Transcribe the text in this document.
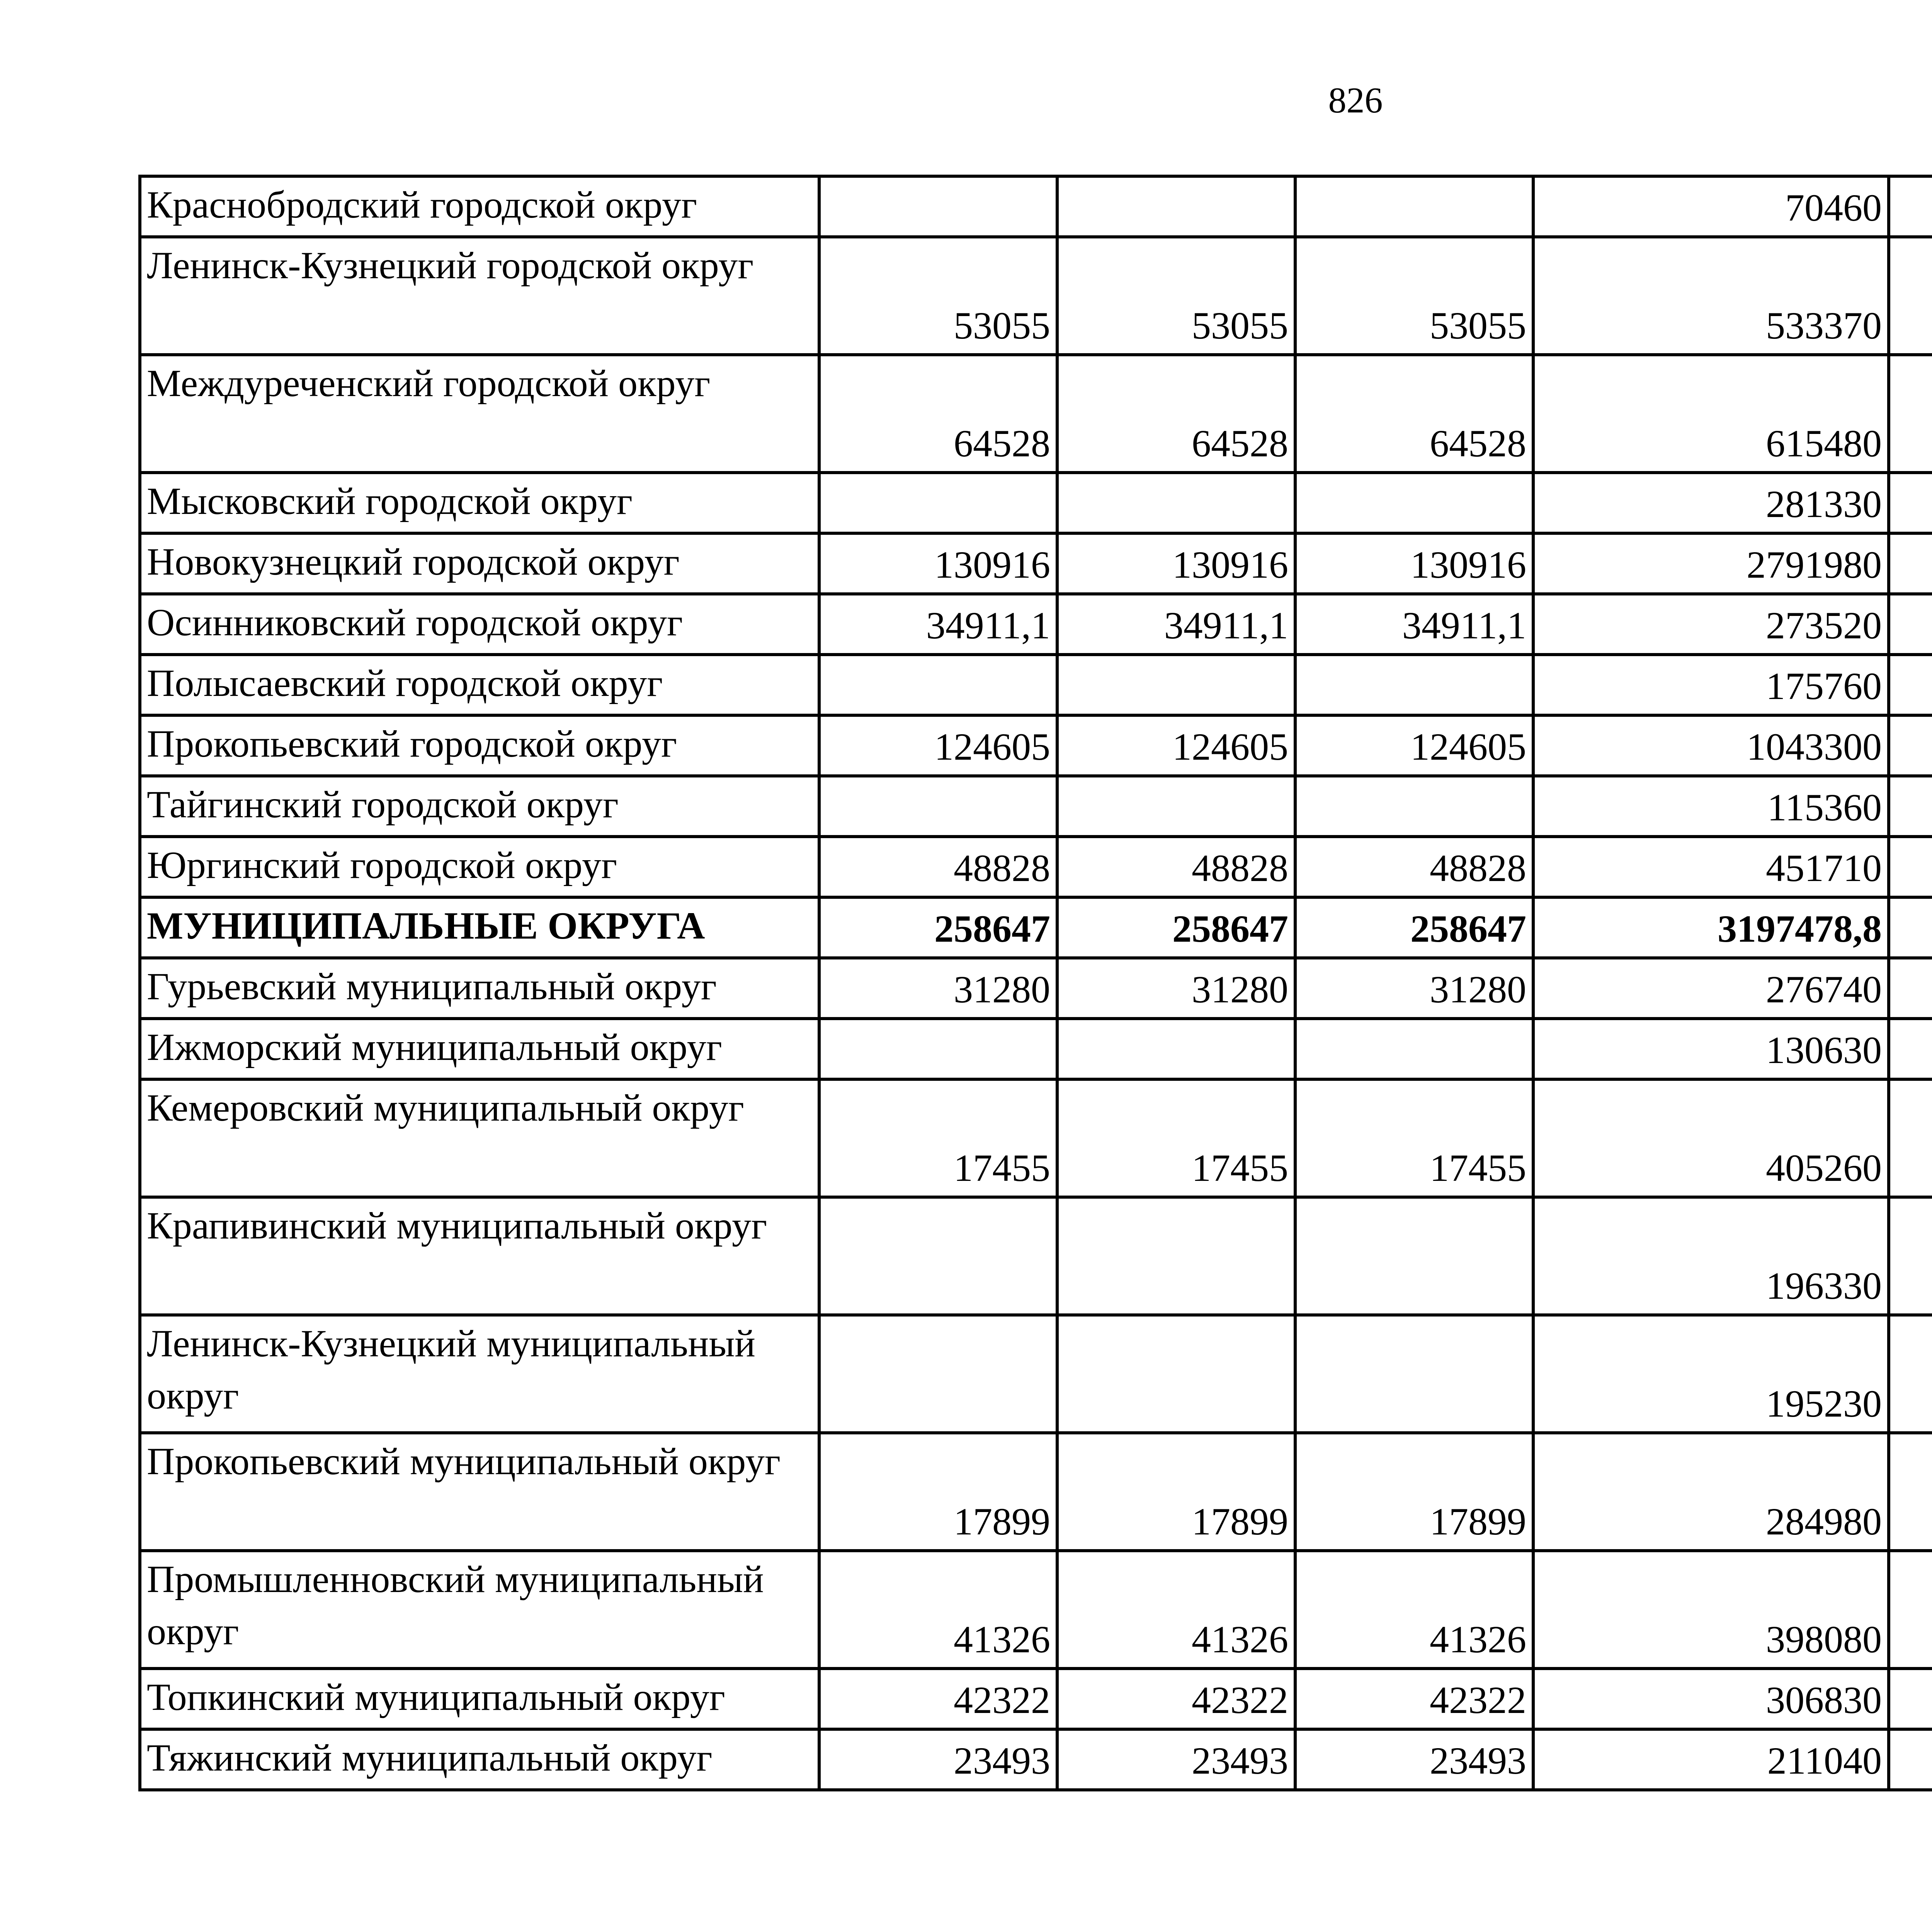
826
Краснобродский городской округ				70460		
Ленинск-Кузнецкий городской округ	53055	53055	53055	533370		
Междуреченский городской округ	64528	64528	64528	615480		
Мысковский городской округ				281330		
Новокузнецкий городской округ	130916	130916	130916	2791980		
Осинниковский городской округ	34911,1	34911,1	34911,1	273520		
Полысаевский городской округ				175760		
Прокопьевский городской округ	124605	124605	124605	1043300		
Тайгинский городской округ				115360		
Юргинский городской округ	48828	48828	48828	451710		
МУНИЦИПАЛЬНЫЕ ОКРУГА	258647	258647	258647	3197478,8		
Гурьевский муниципальный округ	31280	31280	31280	276740		
Ижморский муниципальный округ				130630		
Кемеровский муниципальный округ	17455	17455	17455	405260		
Крапивинский муниципальный округ				196330		
Ленинск-Кузнецкий муниципальный округ				195230		
Прокопьевский муниципальный округ	17899	17899	17899	284980		
Промышленновский муниципальный округ	41326	41326	41326	398080		
Топкинский муниципальный округ	42322	42322	42322	306830		
Тяжинский муниципальный округ	23493	23493	23493	211040		
